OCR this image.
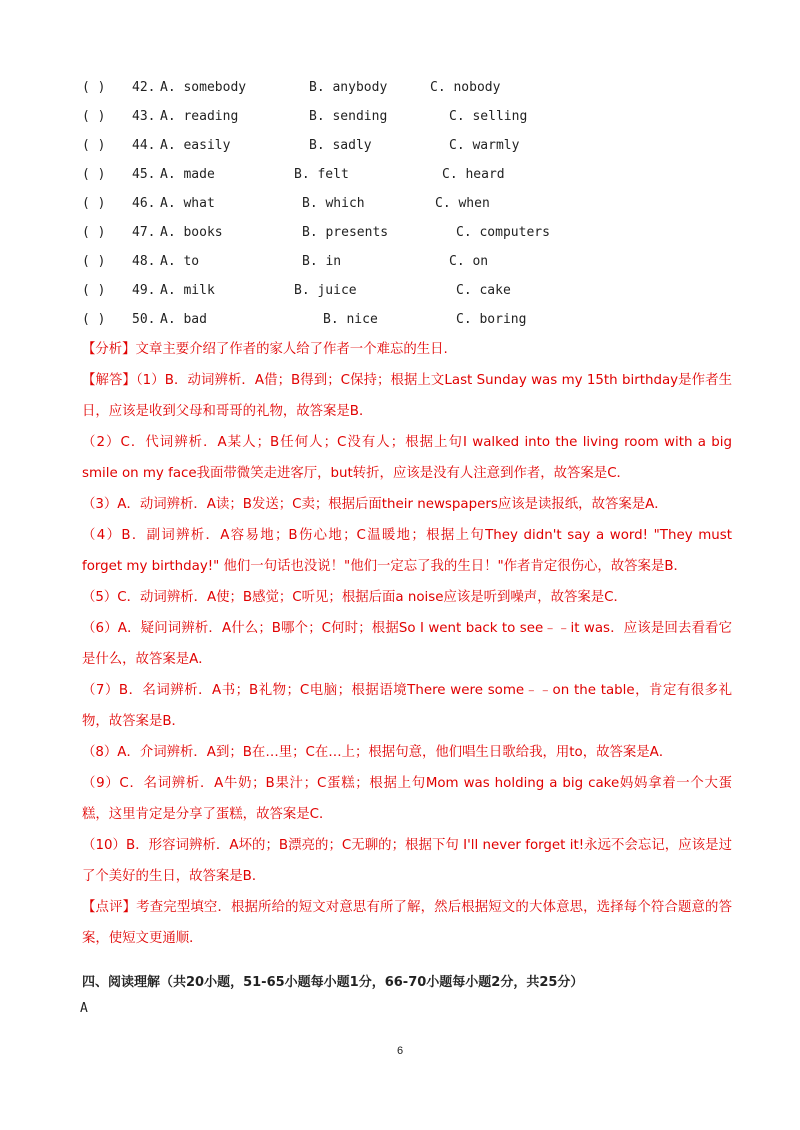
( ) 42. A. somebody	B. anybody	C. nobody
( ) 43. A. reading	B. sending	C. selling
( ) 44. A. easily	B. sadly	C. warmly
( ) 45. A. made	B. felt	C. heard
( ) 46. A. what	B. which	C. when
( ) 47. A. books	B. presents	C. computers
( ) 48. A. to	B. in	C. on
( ) 49. A. milk	B. juice	C. cake
( ) 50. A. bad	B. nice	C. boring

【分析】文章主要介绍了作者的家人给了作者一个难忘的生日.

【解答】（1）B．动词辨析．A借；B得到；C保持；根据上文Last Sunday was my 15th birthday是作者生日，应该是收到父母和哥哥的礼物，故答案是B．

（2）C．代词辨析．A某人；B任何人；C没有人；根据上句I walked into the living room with a big smile on my face我面带微笑走进客厅，but转折，应该是没有人注意到作者，故答案是C．

（3）A．动词辨析．A读；B发送；C卖；根据后面their newspapers应该是读报纸，故答案是A．

（4）B．副词辨析．A容易地；B伤心地；C温暖地；根据上句They didn't say a word! "They must forget my birthday!" 他们一句话也没说！"他们一定忘了我的生日！"作者肯定很伤心，故答案是B．

（5）C．动词辨析．A使；B感觉；C听见；根据后面a noise应该是听到噪声，故答案是C．

（6）A．疑问词辨析．A什么；B哪个；C何时；根据So I went back to see﹣﹣it was．应该是回去看看它是什么，故答案是A．

（7）B．名词辨析．A书；B礼物；C电脑；根据语境There were some﹣﹣on the table，肯定有很多礼物，故答案是B．

（8）A．介词辨析．A到；B在…里；C在…上；根据句意，他们唱生日歌给我，用to，故答案是A．

（9）C．名词辨析．A牛奶；B果汁；C蛋糕；根据上句Mom was holding a big cake妈妈拿着一个大蛋糕，这里肯定是分享了蛋糕，故答案是C．

（10）B．形容词辨析．A坏的；B漂亮的；C无聊的；根据下句 I'll never forget it!永远不会忘记，应该是过了个美好的生日，故答案是B．

【点评】考查完型填空．根据所给的短文对意思有所了解，然后根据短文的大体意思，选择每个符合题意的答案，使短文更通顺．

四、阅读理解（共20小题，51-65小题每小题1分，66-70小题每小题2分，共25分）
A
6
